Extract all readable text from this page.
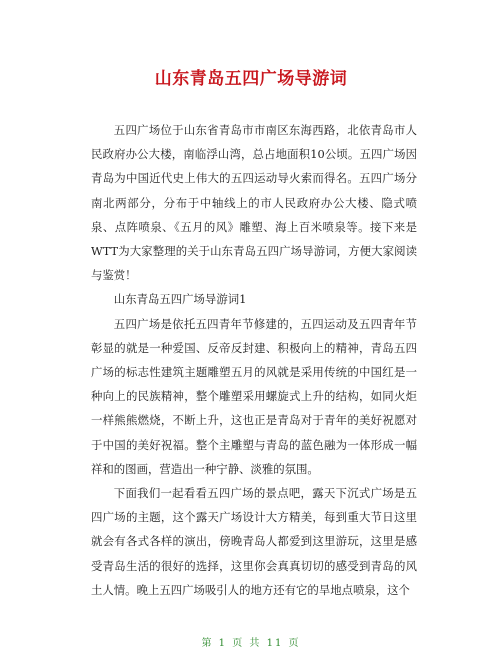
山东青岛五四广场导游词

五四广场位于山东省青岛市市南区东海西路，北依青岛市人民政府办公大楼，南临浮山湾，总占地面积10公顷。五四广场因青岛为中国近代史上伟大的五四运动导火索而得名。五四广场分南北两部分，分布于中轴线上的市人民政府办公大楼、隐式喷泉、点阵喷泉、《五月的风》雕塑、海上百米喷泉等。接下来是WTT为大家整理的关于山东青岛五四广场导游词，方便大家阅读与鉴赏！

山东青岛五四广场导游词1

五四广场是依托五四青年节修建的，五四运动及五四青年节彰显的就是一种爱国、反帝反封建、积极向上的精神，青岛五四广场的标志性建筑主题雕塑五月的风就是采用传统的中国红是一种向上的民族精神，整个雕塑采用螺旋式上升的结构，如同火炬一样熊熊燃烧，不断上升，这也正是青岛对于青年的美好祝愿对于中国的美好祝福。整个主雕塑与青岛的蓝色融为一体形成一幅祥和的图画，营造出一种宁静、淡雅的氛围。

下面我们一起看看五四广场的景点吧，露天下沉式广场是五四广场的主题，这个露天广场设计大方精美，每到重大节日这里就会有各式各样的演出，傍晚青岛人都爱到这里游玩，这里是感受青岛生活的很好的选择，这里你会真真切切的感受到青岛的风土人情。晚上五四广场吸引人的地方还有它的旱地点喷泉，这个

第 1 页 共 11 页
